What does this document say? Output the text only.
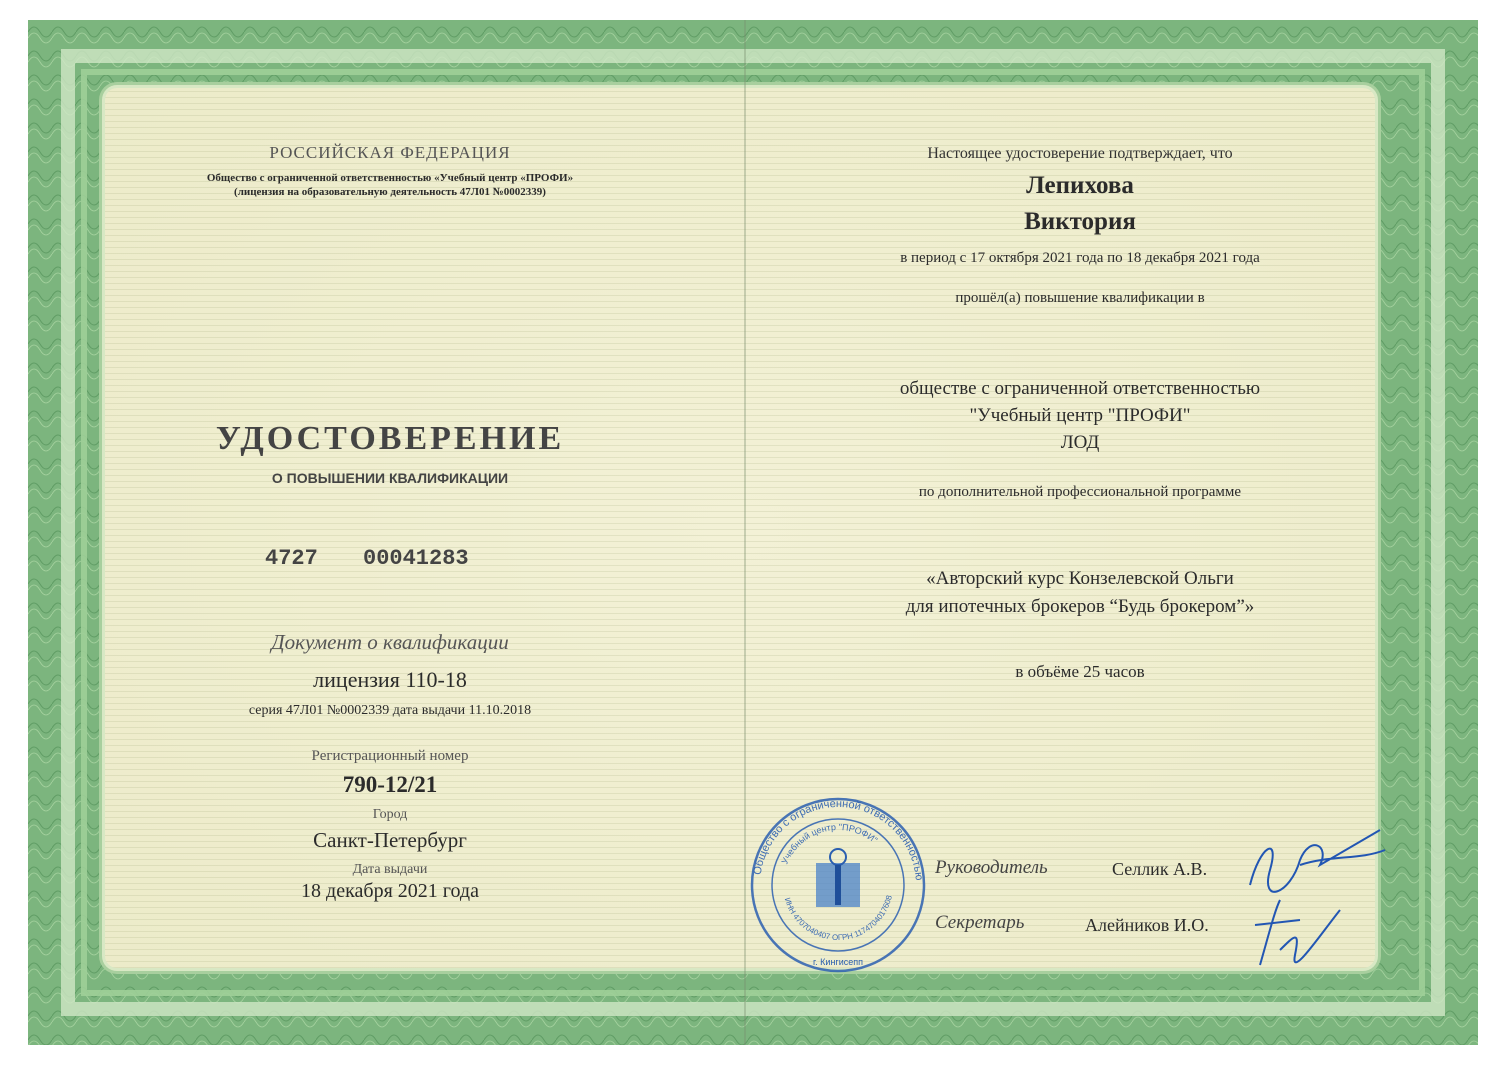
РОССИЙСКАЯ ФЕДЕРАЦИЯ
Общество с ограниченной ответственностью «Учебный центр «ПРОФИ»
(лицензия на образовательную деятельность 47Л01 №0002339)
УДОСТОВЕРЕНИЕ
О ПОВЫШЕНИИ КВАЛИФИКАЦИИ
4727 00041283
Документ о квалификации
лицензия 110-18
серия 47Л01 №0002339 дата выдачи 11.10.2018
Регистрационный номер
790-12/21
Город
Санкт-Петербург
Дата выдачи
18 декабря 2021 года
Настоящее удостоверение подтверждает, что
Лепихова
Виктория
в период с 17 октября 2021 года по 18 декабря 2021 года
прошёл(а) повышение квалификации в
обществе с ограниченной ответственностью
"Учебный центр "ПРОФИ"
ЛОД
по дополнительной профессиональной программе
«Авторский курс Конзелевской Ольги
для ипотечных брокеров “Будь брокером”»
в объёме 25 часов
Руководитель	Селлик А.В.
Секретарь	Алейников И.О.
Общество с ограниченной ответственностью
Учебный центр "ПРОФИ"
ИНН 4707040407 ОГРН 1174704017608
г. Кингисепп
